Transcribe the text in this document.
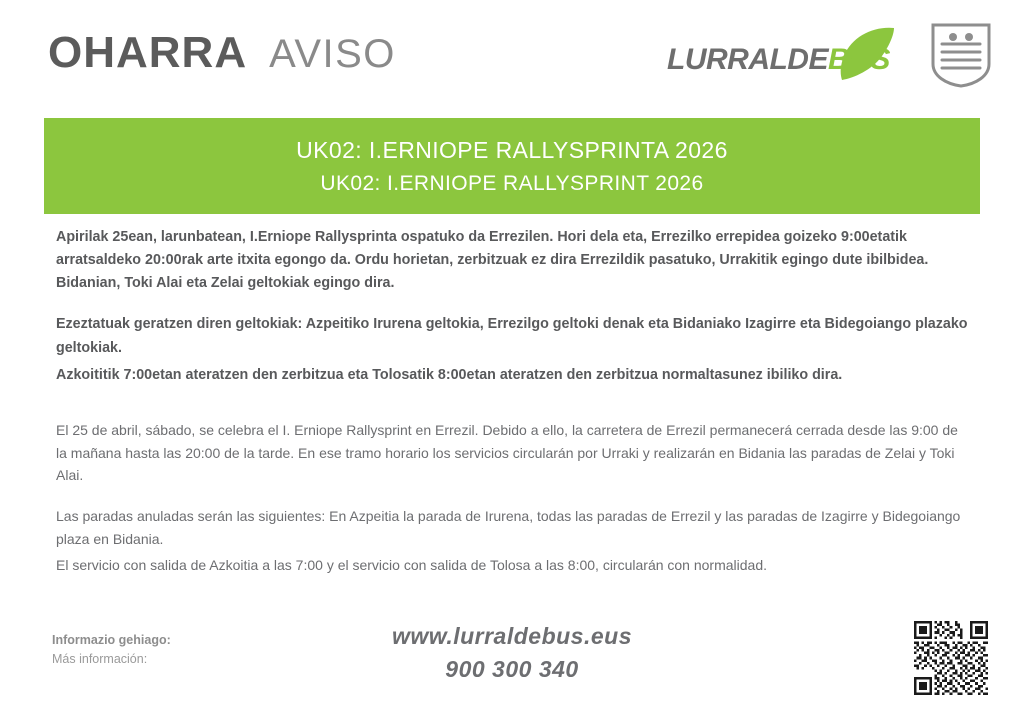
OHARRA AVISO	LURRALDEBUS
UK02: I.ERNIOPE RALLYSPRINTA 2026
UK02: I.ERNIOPE RALLYSPRINT 2026

Apirilak 25ean, larunbatean, I.Erniope Rallysprinta ospatuko da Errezilen. Hori dela eta, Errezilko errepidea goizeko 9:00etatik arratsaldeko 20:00rak arte itxita egongo da. Ordu horietan, zerbitzuak ez dira Errezildik pasatuko, Urrakitik egingo dute ibilbidea. Bidanian, Toki Alai eta Zelai geltokiak egingo dira.

Ezeztatuak geratzen diren geltokiak: Azpeitiko Irurena geltokia, Errezilgo geltoki denak eta Bidaniako Izagirre eta Bidegoiango plazako geltokiak.

Azkoititik 7:00etan ateratzen den zerbitzua eta Tolosatik 8:00etan ateratzen den zerbitzua normaltasunez ibiliko dira.

El 25 de abril, sábado, se celebra el I. Erniope Rallysprint en Errezil. Debido a ello, la carretera de Errezil permanecerá cerrada desde las 9:00 de la mañana hasta las 20:00 de la tarde. En ese tramo horario los servicios circularán por Urraki y realizarán en Bidania las paradas de Zelai y Toki Alai.

Las paradas anuladas serán las siguientes: En Azpeitia la parada de Irurena, todas las paradas de Errezil y las paradas de Izagirre y Bidegoiango plaza en Bidania.

El servicio con salida de Azkoitia a las 7:00 y el servicio con salida de Tolosa a las 8:00, circularán con normalidad.

Informazio gehiago:
Más información:
www.lurraldebus.eus
900 300 340
